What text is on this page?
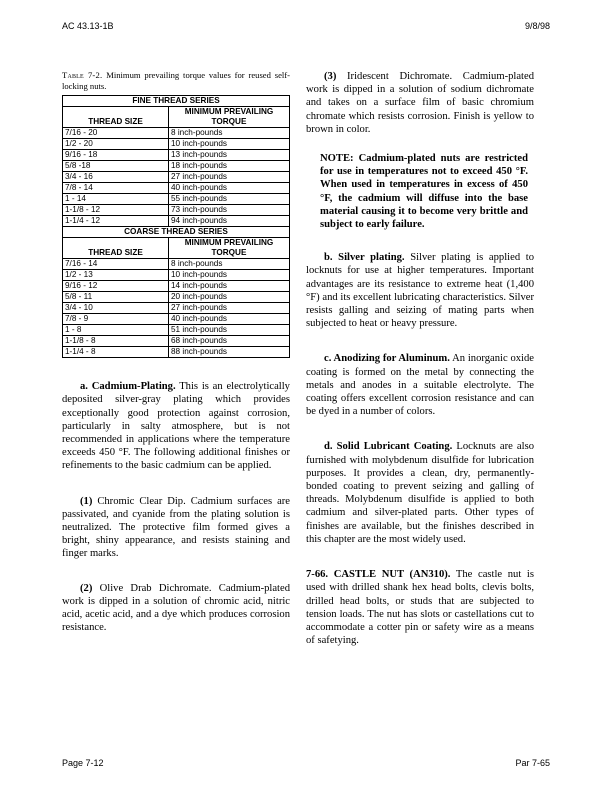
AC 43.13-1B	9/8/98

Table 7-2. Minimum prevailing torque values for reused self-locking nuts.

FINE THREAD SERIES	
THREAD SIZE	MINIMUM PREVAILING TORQUE
7/16 - 20	8 inch-pounds
1/2 - 20	10 inch-pounds
9/16 - 18	13 inch-pounds
5/8 -18	18 inch-pounds
3/4 - 16	27 inch-pounds
7/8 - 14	40 inch-pounds
1 - 14	55 inch-pounds
1-1/8 - 12	73 inch-pounds
1-1/4 - 12	94 inch-pounds
COARSE THREAD SERIES	
THREAD SIZE	MINIMUM PREVAILING TORQUE
7/16 - 14	8 inch-pounds
1/2 - 13	10 inch-pounds
9/16 - 12	14 inch-pounds
5/8 - 11	20 inch-pounds
3/4 - 10	27 inch-pounds
7/8 - 9	40 inch-pounds
1 - 8	51 inch-pounds
1-1/8 - 8	68 inch-pounds
1-1/4 - 8	88 inch-pounds

a. Cadmium-Plating. This is an electrolytically deposited silver-gray plating which provides exceptionally good protection against corrosion, particularly in salty atmosphere, but is not recommended in applications where the temperature exceeds 450 °F. The following additional finishes or refinements to the basic cadmium can be applied.

(1) Chromic Clear Dip. Cadmium surfaces are passivated, and cyanide from the plating solution is neutralized. The protective film formed gives a bright, shiny appearance, and resists staining and finger marks.

(2) Olive Drab Dichromate. Cadmium-plated work is dipped in a solution of chromic acid, nitric acid, acetic acid, and a dye which produces corrosion resistance.

(3) Iridescent Dichromate. Cadmium-plated work is dipped in a solution of sodium dichromate and takes on a surface film of basic chromium chromate which resists corrosion. Finish is yellow to brown in color.

NOTE: Cadmium-plated nuts are restricted for use in temperatures not to exceed 450 °F. When used in temperatures in excess of 450 °F, the cadmium will diffuse into the base material causing it to become very brittle and subject to early failure.

b. Silver plating. Silver plating is applied to locknuts for use at higher temperatures. Important advantages are its resistance to extreme heat (1,400 °F) and its excellent lubricating characteristics. Silver resists galling and seizing of mating parts when subjected to heat or heavy pressure.

c. Anodizing for Aluminum. An inorganic oxide coating is formed on the metal by connecting the metals and anodes in a suitable electrolyte. The coating offers excellent corrosion resistance and can be dyed in a number of colors.

d. Solid Lubricant Coating. Locknuts are also furnished with molybdenum disulfide for lubrication purposes. It provides a clean, dry, permanently-bonded coating to prevent seizing and galling of threads. Molybdenum disulfide is applied to both cadmium and silver-plated parts. Other types of finishes are available, but the finishes described in this chapter are the most widely used.

7-66. CASTLE NUT (AN310). The castle nut is used with drilled shank hex head bolts, clevis bolts, drilled head bolts, or studs that are subjected to tension loads. The nut has slots or castellations cut to accommodate a cotter pin or safety wire as a means of safetying.

Page 7-12	Par 7-65
